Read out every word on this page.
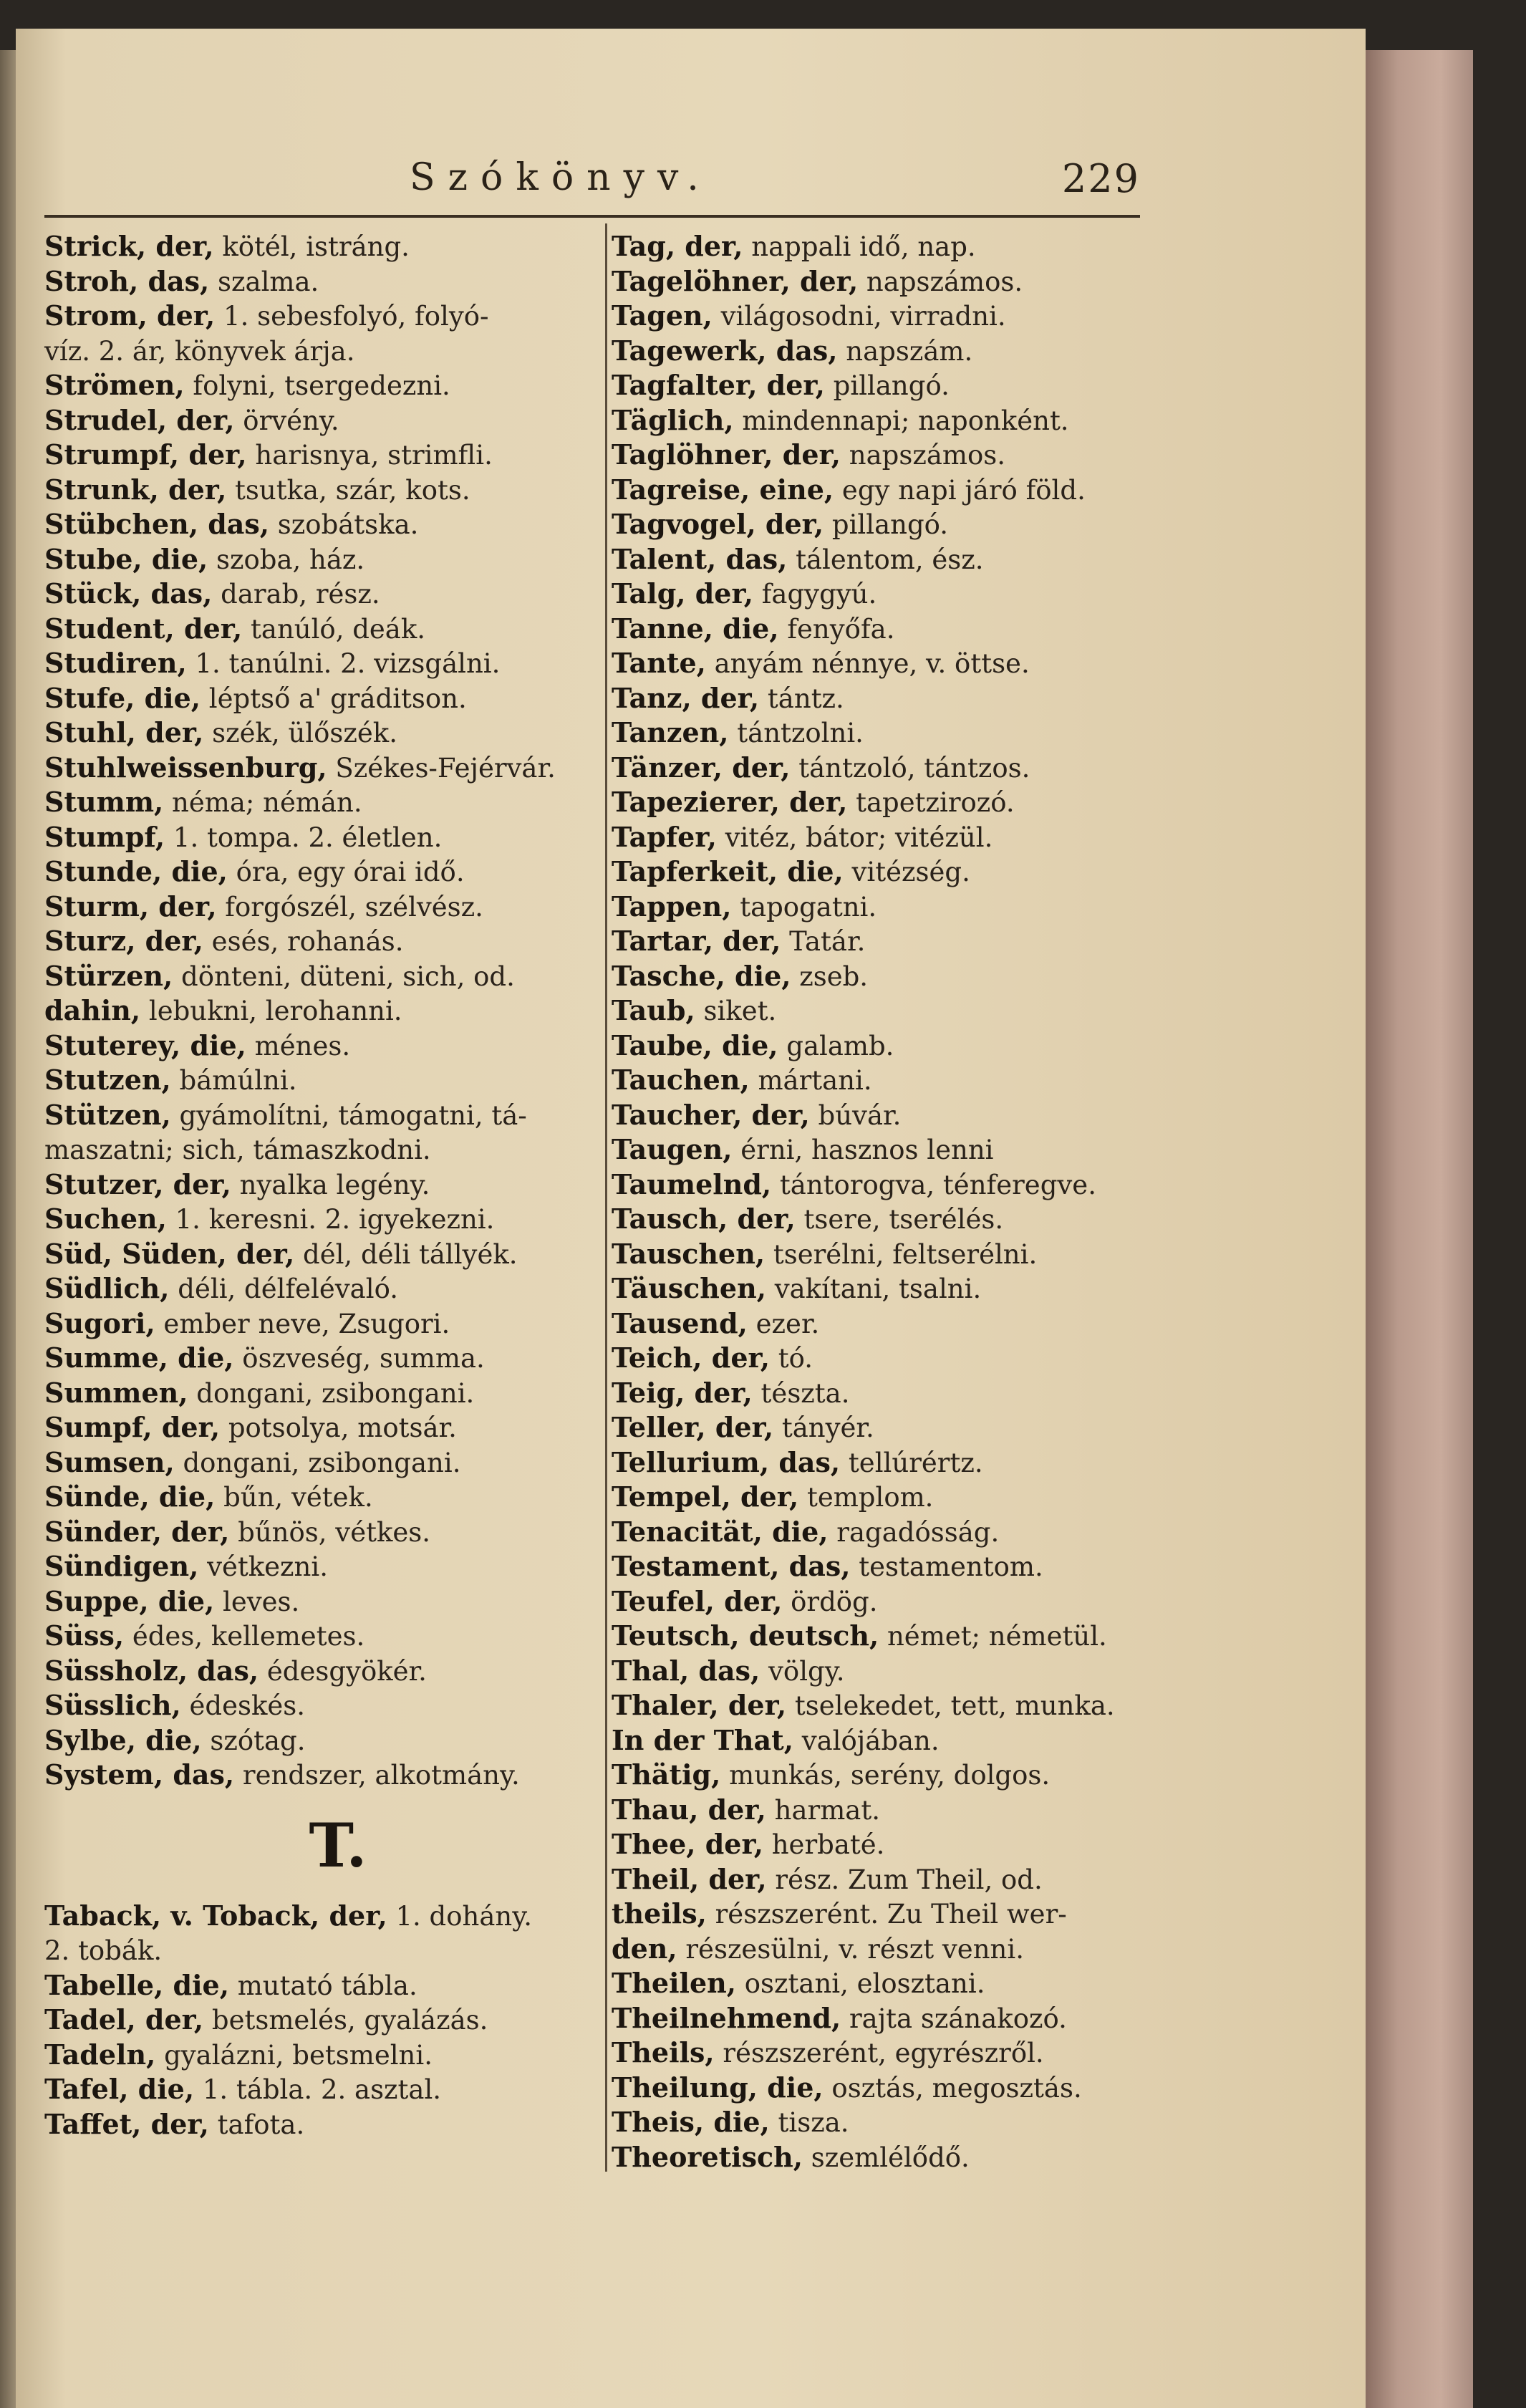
Szókönyv.	229
Strick, der, kötél, istráng.
Stroh, das, szalma.
Strom, der, 1. sebesfolyó, folyó-
víz. 2. ár, könyvek árja.
Strömen, folyni, tsergedezni.
Strudel, der, örvény.
Strumpf, der, harisnya, strimfli.
Strunk, der, tsutka, szár, kots.
Stübchen, das, szobátska.
Stube, die, szoba, ház.
Stück, das, darab, rész.
Student, der, tanúló, deák.
Studiren, 1. tanúlni. 2. vizsgálni.
Stufe, die, léptső a' gráditson.
Stuhl, der, szék, ülőszék.
Stuhlweissenburg, Székes-Fejérvár.
Stumm, néma; némán.
Stumpf, 1. tompa. 2. életlen.
Stunde, die, óra, egy órai idő.
Sturm, der, forgószél, szélvész.
Sturz, der, esés, rohanás.
Stürzen, dönteni, düteni, sich, od.
dahin, lebukni, lerohanni.
Stuterey, die, ménes.
Stutzen, bámúlni.
Stützen, gyámolítni, támogatni, tá-
maszatni; sich, támaszkodni.
Stutzer, der, nyalka legény.
Suchen, 1. keresni. 2. igyekezni.
Süd, Süden, der, dél, déli tállyék.
Südlich, déli, délfelévaló.
Sugori, ember neve, Zsugori.
Summe, die, öszveség, summa.
Summen, dongani, zsibongani.
Sumpf, der, potsolya, motsár.
Sumsen, dongani, zsibongani.
Sünde, die, bűn, vétek.
Sünder, der, bűnös, vétkes.
Sündigen, vétkezni.
Suppe, die, leves.
Süss, édes, kellemetes.
Süssholz, das, édesgyökér.
Süsslich, édeskés.
Sylbe, die, szótag.
System, das, rendszer, alkotmány.
T.
Taback, v. Toback, der, 1. dohány.
2. tobák.
Tabelle, die, mutató tábla.
Tadel, der, betsmelés, gyalázás.
Tadeln, gyalázni, betsmelni.
Tafel, die, 1. tábla. 2. asztal.
Taffet, der, tafota.
Tag, der, nappali idő, nap.
Tagelöhner, der, napszámos.
Tagen, világosodni, virradni.
Tagewerk, das, napszám.
Tagfalter, der, pillangó.
Täglich, mindennapi; naponként.
Taglöhner, der, napszámos.
Tagreise, eine, egy napi járó föld.
Tagvogel, der, pillangó.
Talent, das, tálentom, ész.
Talg, der, fagygyú.
Tanne, die, fenyőfa.
Tante, anyám nénnye, v. öttse.
Tanz, der, tántz.
Tanzen, tántzolni.
Tänzer, der, tántzoló, tántzos.
Tapezierer, der, tapetzirozó.
Tapfer, vitéz, bátor; vitézül.
Tapferkeit, die, vitézség.
Tappen, tapogatni.
Tartar, der, Tatár.
Tasche, die, zseb.
Taub, siket.
Taube, die, galamb.
Tauchen, mártani.
Taucher, der, búvár.
Taugen, érni, hasznos lenni
Taumelnd, tántorogva, ténferegve.
Tausch, der, tsere, tserélés.
Tauschen, tserélni, feltserélni.
Täuschen, vakítani, tsalni.
Tausend, ezer.
Teich, der, tó.
Teig, der, tészta.
Teller, der, tányér.
Tellurium, das, tellúrértz.
Tempel, der, templom.
Tenacität, die, ragadósság.
Testament, das, testamentom.
Teufel, der, ördög.
Teutsch, deutsch, német; németül.
Thal, das, völgy.
Thaler, der, tselekedet, tett, munka.
In der That, valójában.
Thätig, munkás, serény, dolgos.
Thau, der, harmat.
Thee, der, herbaté.
Theil, der, rész. Zum Theil, od.
theils, részszerént. Zu Theil wer-
den, részesülni, v. részt venni.
Theilen, osztani, elosztani.
Theilnehmend, rajta szánakozó.
Theils, részszerént, egyrészről.
Theilung, die, osztás, megosztás.
Theis, die, tisza.
Theoretisch, szemlélődő.
